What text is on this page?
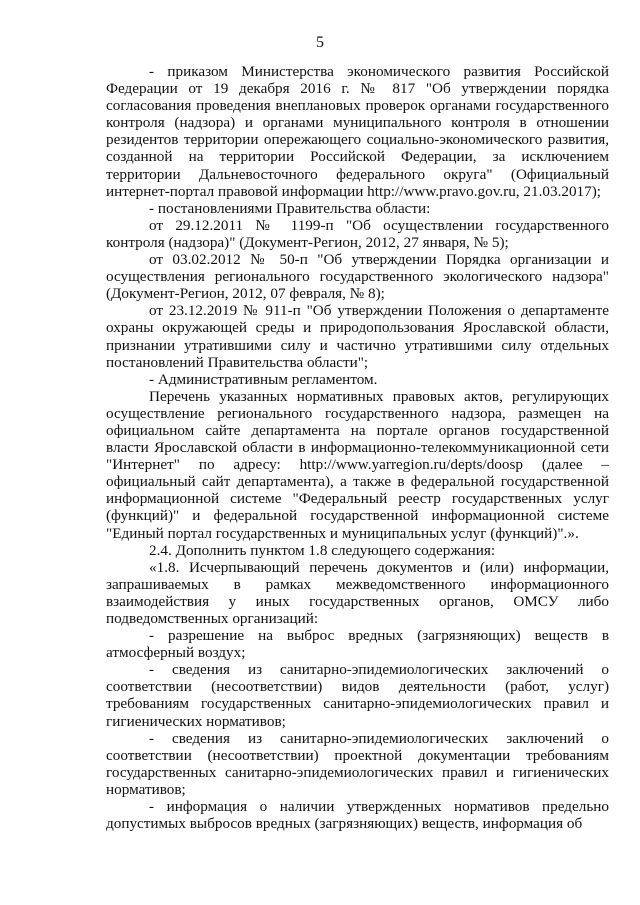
5

- приказом Министерства экономического развития Российской Федерации от 19 декабря 2016 г. № 817 "Об утверждении порядка согласования проведения внеплановых проверок органами государственного контроля (надзора) и органами муниципального контроля в отношении резидентов территории опережающего социально-экономического развития, созданной на территории Российской Федерации, за исключением территории Дальневосточного федерального округа" (Официальный интернет-портал правовой информации http://www.pravo.gov.ru, 21.03.2017);

- постановлениями Правительства области:

от 29.12.2011 № 1199-п "Об осуществлении государственного контроля (надзора)" (Документ-Регион, 2012, 27 января, № 5);

от 03.02.2012 № 50-п "Об утверждении Порядка организации и осуществления регионального государственного экологического надзора" (Документ-Регион, 2012, 07 февраля, № 8);

от 23.12.2019 № 911-п "Об утверждении Положения о департаменте охраны окружающей среды и природопользования Ярославской области, признании утратившими силу и частично утратившими силу отдельных постановлений Правительства области";

- Административным регламентом.

Перечень указанных нормативных правовых актов, регулирующих осуществление регионального государственного надзора, размещен на официальном сайте департамента на портале органов государственной власти Ярославской области в информационно-телекоммуникационной сети "Интернет" по адресу: http://www.yarregion.ru/depts/doosp (далее – официальный сайт департамента), а также в федеральной государственной информационной системе "Федеральный реестр государственных услуг (функций)" и федеральной государственной информационной системе "Единый портал государственных и муниципальных услуг (функций)".».

2.4. Дополнить пунктом 1.8 следующего содержания:

«1.8. Исчерпывающий перечень документов и (или) информации, запрашиваемых в рамках межведомственного информационного взаимодействия у иных государственных органов, ОМСУ либо подведомственных организаций:

- разрешение на выброс вредных (загрязняющих) веществ в атмосферный воздух;

- сведения из санитарно-эпидемиологических заключений о соответствии (несоответствии) видов деятельности (работ, услуг) требованиям государственных санитарно-эпидемиологических правил и гигиенических нормативов;

- сведения из санитарно-эпидемиологических заключений о соответствии (несоответствии) проектной документации требованиям государственных санитарно-эпидемиологических правил и гигиенических нормативов;

- информация о наличии утвержденных нормативов предельно допустимых выбросов вредных (загрязняющих) веществ, информация об
